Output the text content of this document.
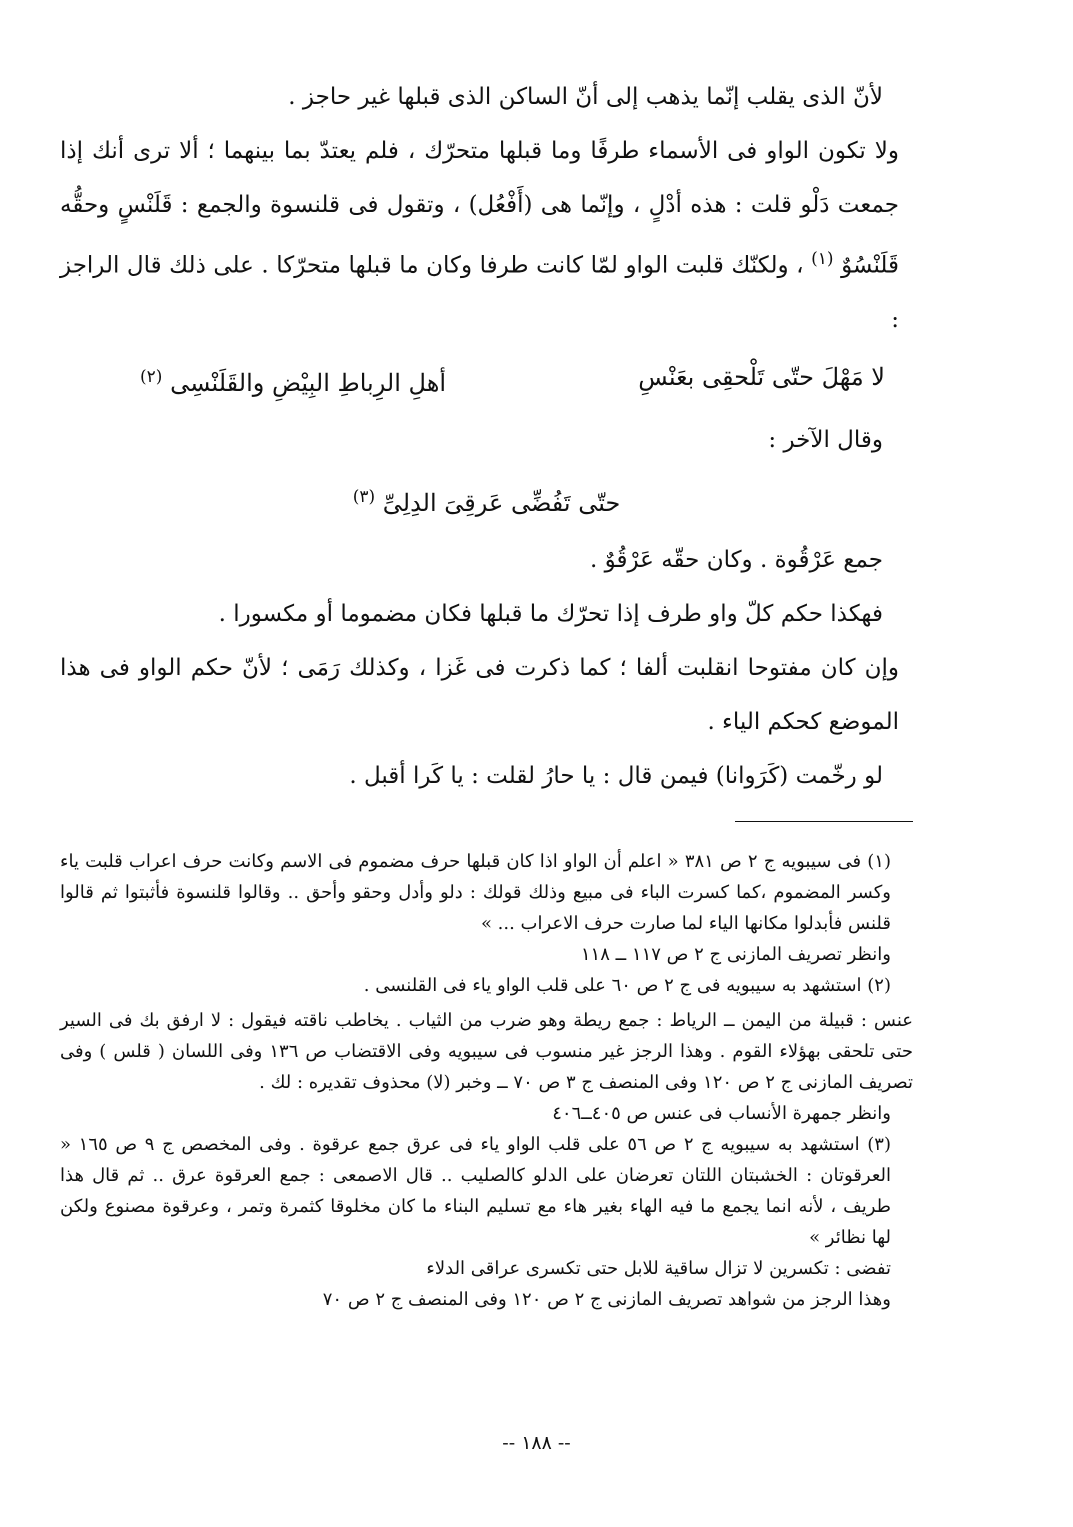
لأنّ الذى يقلب إنّما يذهب إلى أنّ الساكن الذى قبلها غير حاجز .

ولا تكون الواو فى الأسماء طرفًا وما قبلها متحرّك ، فلم يعتدّ بما بينهما ؛ ألا ترى أنك إذا جمعت دَلْو قلت : هذه أدْلٍ ، وإنّما هى (أَفْعُل) ، وتقول فى قلنسوة والجمع : قَلَنْسٍ وحقُّه قَلَنْسُوٌ $^{(١)}$ ، ولكنّك قلبت الواو لمّا كانت طرفا وكان ما قبلها متحرّكا . على ذلك قال الراجز :

لا مَهْلَ حتّى تَلْحقِى بعَنْسِ
أهلِ الرِباطِ البِيْضِ والقَلَنْسِى $^{(٢)}$

وقال الآخر :

حتّى تَفُضِّى عَرقِىَ الدِلِىِّ $^{(٣)}$

جمع عَرْقُوة . وكان حقّه عَرْقُوٌ .

فهكذا حكم كلّ واو طرف إذا تحرّك ما قبلها فكان مضموما أو مكسورا .

وإن كان مفتوحا انقلبت ألفا ؛ كما ذكرت فى غَزا ، وكذلك رَمَى ؛ لأنّ حكم الواو فى هذا الموضع كحكم الياء .

لو رخّمت (كَرَوانا) فيمن قال : يا حارُ لقلت : يا كَرا أقبل .

(١) فى سيبويه ج ٢ ص ٣٨١ « اعلم أن الواو اذا كان قبلها حرف مضموم فى الاسم وكانت حرف اعراب قلبت ياء وكسر المضموم ،كما كسرت الباء فى مبيع وذلك قولك : دلو وأدل وحقو وأحق .. وقالوا قلنسوة فأثبتوا ثم قالوا قلنس فأبدلوا مكانها الياء لما صارت حرف الاعراب ... »

وانظر تصريف المازنى ج ٢ ص ١١٧ ــ ١١٨

(٢) استشهد به سيبويه فى ج ٢ ص ٦٠ على قلب الواو ياء فى القلنسى .

عنس : قبيلة من اليمن ــ الرياط : جمع ريطة وهو ضرب من الثياب . يخاطب ناقته فيقول : لا ارفق بك فى السير حتى تلحقى بهؤلاء القوم . وهذا الرجز غير منسوب فى سيبويه وفى الاقتضاب ص ١٣٦ وفى اللسان ( قلس ) وفى تصريف المازنى ج ٢ ص ١٢٠ وفى المنصف ج ٣ ص ٧٠ ــ وخبر (لا) محذوف تقديره : لك .

وانظر جمهرة الأنساب فى عنس ص ٤٠٥ــ٤٠٦

(٣) استشهد به سيبويه ج ٢ ص ٥٦ على قلب الواو ياء فى عرق جمع عرقوة . وفى المخصص ج ٩ ص ١٦٥ « العرقوتان : الخشبتان اللتان تعرضان على الدلو كالصليب .. قال الاصمعى : جمع العرقوة عرق .. ثم قال هذا طريف ، لأنه انما يجمع ما فيه الهاء بغير هاء مع تسليم البناء ما كان مخلوقا كثمرة وتمر ، وعرقوة مصنوع ولكن لها نظائر »

تفضى : تكسرين لا تزال ساقية للابل حتى تكسرى عراقى الدلاء

وهذا الرجز من شواهد تصريف المازنى ج ٢ ص ١٢٠ وفى المنصف ج ٢ ص ٧٠

-- ١٨٨ --
